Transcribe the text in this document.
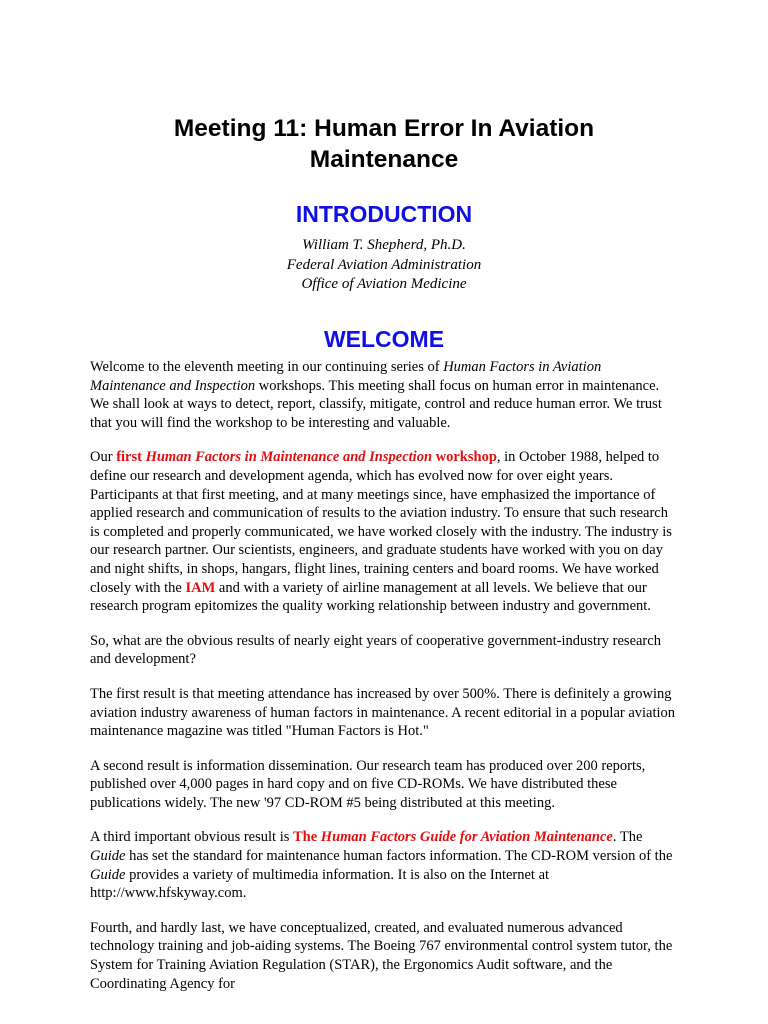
Meeting 11: Human Error In Aviation
Maintenance
INTRODUCTION
William T. Shepherd, Ph.D.
Federal Aviation Administration
Office of Aviation Medicine
WELCOME

Welcome to the eleventh meeting in our continuing series of Human Factors in Aviation Maintenance and Inspection workshops. This meeting shall focus on human error in maintenance. We shall look at ways to detect, report, classify, mitigate, control and reduce human error. We trust that you will find the workshop to be interesting and valuable.

Our first Human Factors in Maintenance and Inspection workshop, in October 1988, helped to define our research and development agenda, which has evolved now for over eight years. Participants at that first meeting, and at many meetings since, have emphasized the importance of applied research and communication of results to the aviation industry. To ensure that such research is completed and properly communicated, we have worked closely with the industry. The industry is our research partner. Our scientists, engineers, and graduate students have worked with you on day and night shifts, in shops, hangars, flight lines, training centers and board rooms. We have worked closely with the IAM and with a variety of airline management at all levels. We believe that our research program epitomizes the quality working relationship between industry and government.

So, what are the obvious results of nearly eight years of cooperative government-industry research and development?

The first result is that meeting attendance has increased by over 500%. There is definitely a growing aviation industry awareness of human factors in maintenance. A recent editorial in a popular aviation maintenance magazine was titled "Human Factors is Hot."

A second result is information dissemination. Our research team has produced over 200 reports, published over 4,000 pages in hard copy and on five CD-ROMs. We have distributed these publications widely. The new '97 CD-ROM #5 being distributed at this meeting.

A third important obvious result is The Human Factors Guide for Aviation Maintenance. The Guide has set the standard for maintenance human factors information. The CD-ROM version of the Guide provides a variety of multimedia information. It is also on the Internet at http://www.hfskyway.com.

Fourth, and hardly last, we have conceptualized, created, and evaluated numerous advanced technology training and job-aiding systems. The Boeing 767 environmental control system tutor, the System for Training Aviation Regulation (STAR), the Ergonomics Audit software, and the Coordinating Agency for
